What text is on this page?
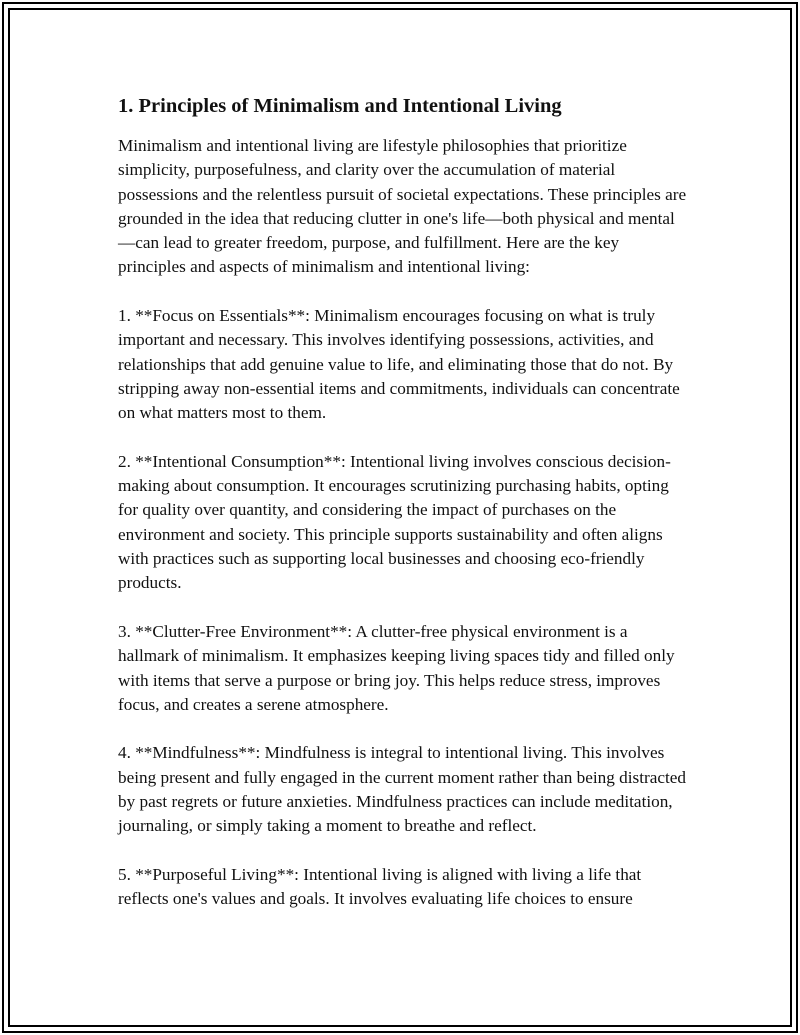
1. Principles of Minimalism and Intentional Living

Minimalism and intentional living are lifestyle philosophies that prioritize simplicity, purposefulness, and clarity over the accumulation of material possessions and the relentless pursuit of societal expectations. These principles are grounded in the idea that reducing clutter in one's life—both physical and mental—can lead to greater freedom, purpose, and fulfillment. Here are the key principles and aspects of minimalism and intentional living:

1. **Focus on Essentials**: Minimalism encourages focusing on what is truly important and necessary. This involves identifying possessions, activities, and relationships that add genuine value to life, and eliminating those that do not. By stripping away non-essential items and commitments, individuals can concentrate on what matters most to them.

2. **Intentional Consumption**: Intentional living involves conscious decision-making about consumption. It encourages scrutinizing purchasing habits, opting for quality over quantity, and considering the impact of purchases on the environment and society. This principle supports sustainability and often aligns with practices such as supporting local businesses and choosing eco-friendly products.

3. **Clutter-Free Environment**: A clutter-free physical environment is a hallmark of minimalism. It emphasizes keeping living spaces tidy and filled only with items that serve a purpose or bring joy. This helps reduce stress, improves focus, and creates a serene atmosphere.

4. **Mindfulness**: Mindfulness is integral to intentional living. This involves being present and fully engaged in the current moment rather than being distracted by past regrets or future anxieties. Mindfulness practices can include meditation, journaling, or simply taking a moment to breathe and reflect.

5. **Purposeful Living**: Intentional living is aligned with living a life that reflects one's values and goals. It involves evaluating life choices to ensure
